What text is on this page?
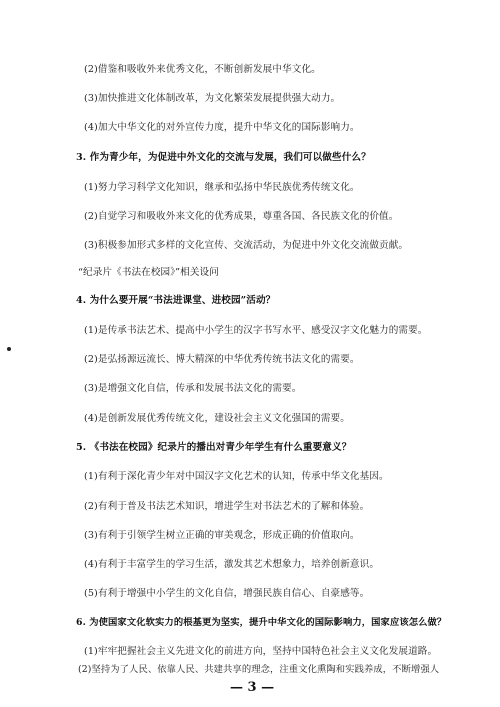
(2)借鉴和吸收外来优秀文化，不断创新发展中华文化。
(3)加快推进文化体制改革，为文化繁荣发展提供强大动力。
(4)加大中华文化的对外宣传力度，提升中华文化的国际影响力。
3. 作为青少年，为促进中外文化的交流与发展，我们可以做些什么？
(1)努力学习科学文化知识，继承和弘扬中华民族优秀传统文化。
(2)自觉学习和吸收外来文化的优秀成果，尊重各国、各民族文化的价值。
(3)积极参加形式多样的文化宣传、交流活动，为促进中外文化交流做贡献。
“纪录片《书法在校园》”相关设问
4. 为什么要开展“书法进课堂、进校园”活动？
(1)是传承书法艺术、提高中小学生的汉字书写水平、感受汉字文化魅力的需要。
(2)是弘扬源远流长、博大精深的中华优秀传统书法文化的需要。
(3)是增强文化自信，传承和发展书法文化的需要。
(4)是创新发展优秀传统文化，建设社会主义文化强国的需要。
5. 《书法在校园》纪录片的播出对青少年学生有什么重要意义？
(1)有利于深化青少年对中国汉字文化艺术的认知，传承中华文化基因。
(2)有利于普及书法艺术知识，增进学生对书法艺术的了解和体验。
(3)有利于引领学生树立正确的审美观念，形成正确的价值取向。
(4)有利于丰富学生的学习生活，激发其艺术想象力，培养创新意识。
(5)有利于增强中小学生的文化自信，增强民族自信心、自豪感等。
6. 为使国家文化软实力的根基更为坚实，提升中华文化的国际影响力，国家应该怎么做？
(1)牢牢把握社会主义先进文化的前进方向，坚持中国特色社会主义文化发展道路。
(2)坚持为了人民、依靠人民、共建共享的理念，注重文化熏陶和实践养成，不断增强人
— 3 —
